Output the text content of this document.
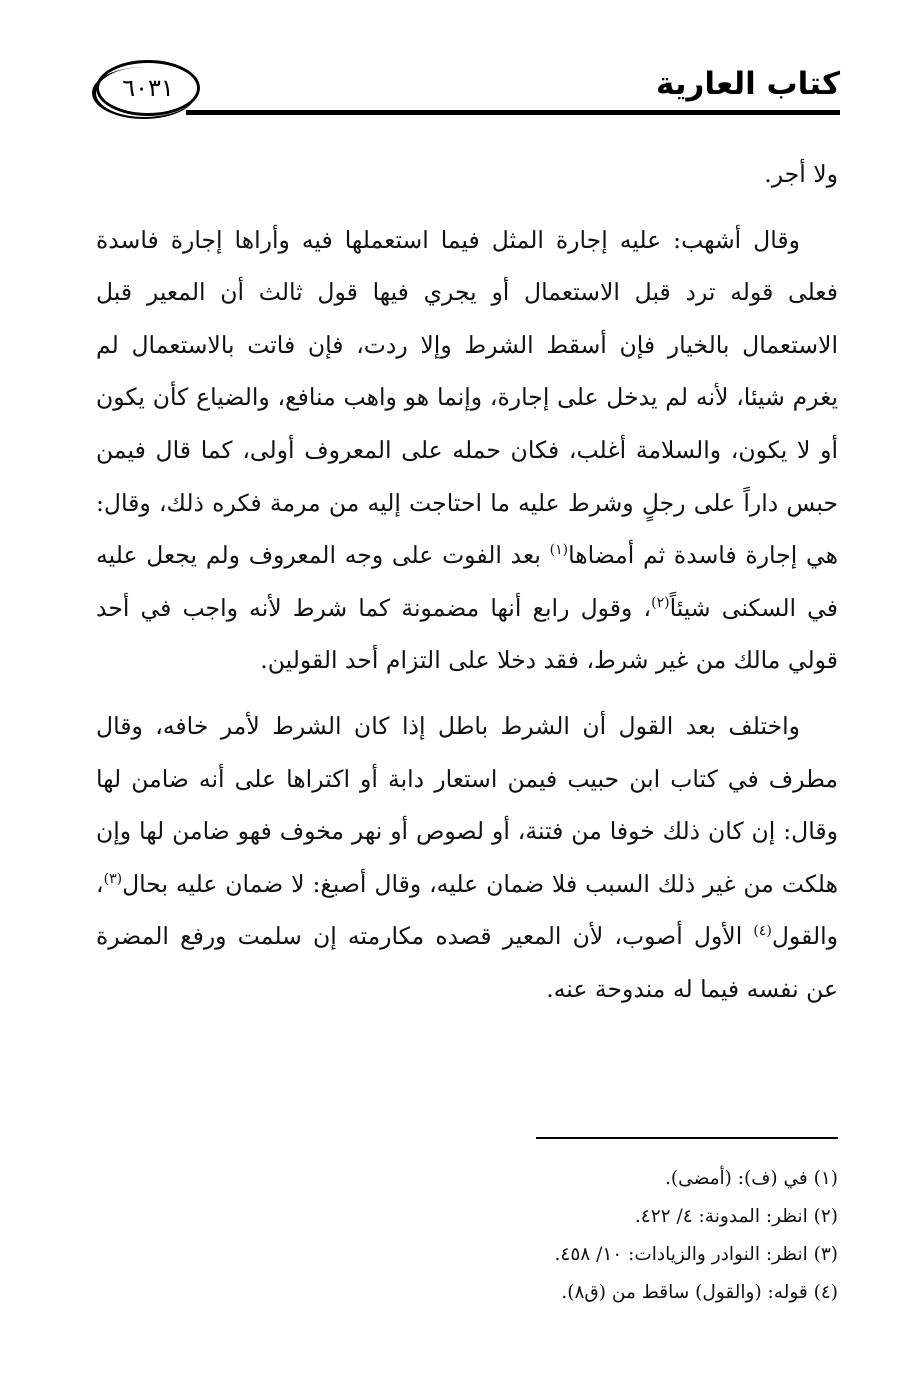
٦٠٣١	كتاب العارية

ولا أجر.

وقال أشهب: عليه إجارة المثل فيما استعملها فيه وأراها إجارة فاسدة فعلى قوله ترد قبل الاستعمال أو يجري فيها قول ثالث أن المعير قبل الاستعمال بالخيار فإن أسقط الشرط وإلا ردت، فإن فاتت بالاستعمال لم يغرم شيئا، لأنه لم يدخل على إجارة، وإنما هو واهب منافع، والضياع كأن يكون أو لا يكون، والسلامة أغلب، فكان حمله على المعروف أولى، كما قال فيمن حبس داراً على رجلٍ وشرط عليه ما احتاجت إليه من مرمة فكره ذلك، وقال: هي إجارة فاسدة ثم أمضاها$^{(١)}$ بعد الفوت على وجه المعروف ولم يجعل عليه في السكنى شيئاً$^{(٢)}$، وقول رابع أنها مضمونة كما شرط لأنه واجب في أحد قولي مالك من غير شرط، فقد دخلا على التزام أحد القولين.

واختلف بعد القول أن الشرط باطل إذا كان الشرط لأمر خافه، وقال مطرف في كتاب ابن حبيب فيمن استعار دابة أو اكتراها على أنه ضامن لها وقال: إن كان ذلك خوفا من فتنة، أو لصوص أو نهر مخوف فهو ضامن لها وإن هلكت من غير ذلك السبب فلا ضمان عليه، وقال أصبغ: لا ضمان عليه بحال$^{(٣)}$، والقول$^{(٤)}$ الأول أصوب، لأن المعير قصده مكارمته إن سلمت ورفع المضرة عن نفسه فيما له مندوحة عنه.

(١) في (ف): (أمضى).
(٢) انظر: المدونة: ٤/ ٤٢٢.
(٣) انظر: النوادر والزيادات: ١٠/ ٤٥٨.
(٤) قوله: (والقول) ساقط من (ق٨).
